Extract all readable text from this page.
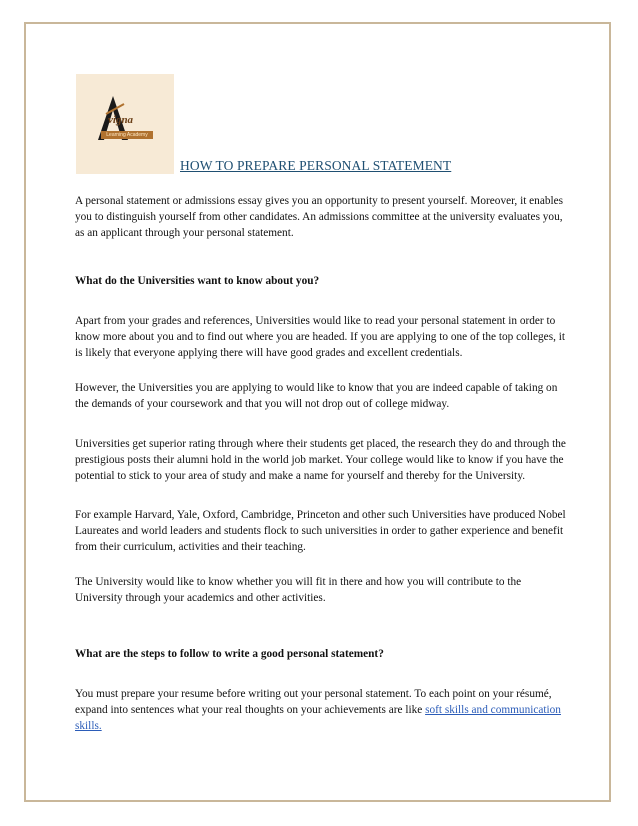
vigna
Learning Academy
HOW TO PREPARE PERSONAL STATEMENT
A personal statement or admissions essay gives you an opportunity to present yourself. Moreover, it enables you to distinguish yourself from other candidates. An admissions committee at the university evaluates you, as an applicant through your personal statement.
What do the Universities want to know about you?
Apart from your grades and references, Universities would like to read your personal statement in order to know more about you and to find out where you are headed. If you are applying to one of the top colleges, it is likely that everyone applying there will have good grades and excellent credentials.
However, the Universities you are applying to would like to know that you are indeed capable of taking on the demands of your coursework and that you will not drop out of college midway.
Universities get superior rating through where their students get placed, the research they do and through the prestigious posts their alumni hold in the world job market. Your college would like to know if you have the potential to stick to your area of study and make a name for yourself and thereby for the University.
For example Harvard, Yale, Oxford, Cambridge, Princeton and other such Universities have produced Nobel Laureates and world leaders and students flock to such universities in order to gather experience and benefit from their curriculum, activities and their teaching.
The University would like to know whether you will fit in there and how you will contribute to the University through your academics and other activities.
What are the steps to follow to write a good personal statement?
You must prepare your resume before writing out your personal statement. To each point on your résumé, expand into sentences what your real thoughts on your achievements are like soft skills and communication skills.
